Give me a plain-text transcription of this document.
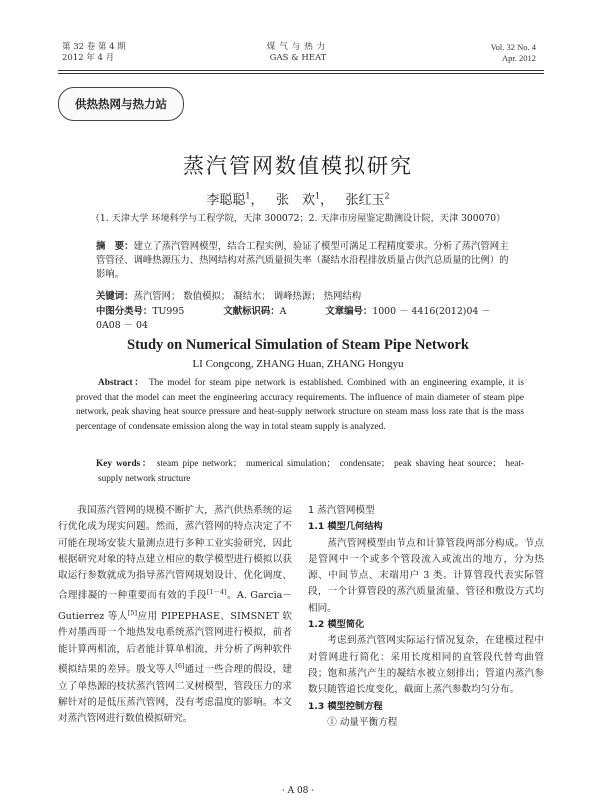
第 32 卷 第 4 期
2012 年 4 月
煤气与热力
GAS & HEAT
Vol. 32 No. 4
Apr. 2012
供热热网与热力站
蒸汽管网数值模拟研究
李聪聪$^1$， 张　欢$^1$， 张红玉$^2$
（1. 天津大学 环境科学与工程学院，天津 300072；2. 天津市房屋鉴定勘测设计院，天津 300070）
摘　要：建立了蒸汽管网模型，结合工程实例，验证了模型可满足工程精度要求。分析了蒸汽管网主管管径、调峰热源压力、热网结构对蒸汽质量损失率（凝结水沿程排放质量占供汽总质量的比例）的影响。
关键词：蒸汽管网； 数值模拟； 凝结水； 调峰热源； 热网结构
中图分类号：TU995	文献标识码：A	文章编号：1000 － 4416(2012)04 － 0A08 － 04
Study on Numerical Simulation of Steam Pipe Network
LI Congcong, ZHANG Huan, ZHANG Hongyu
Abstract： The model for steam pipe network is established. Combined with an engineering example, it is proved that the model can meet the engineering accuracy requirements. The influence of main diameter of steam pipe network, peak shaving heat source pressure and heat-supply network structure on steam mass loss rate that is the mass percentage of condensate emission along the way in total steam supply is analyzed.
Key words： steam pipe network； numerical simulation； condensate； peak shaving heat source； heat-supply network structure
我国蒸汽管网的规模不断扩大，蒸汽供热系统的运行优化成为现实问题。然而，蒸汽管网的特点决定了不可能在现场安装大量测点进行多种工业实验研究，因此根据研究对象的特点建立相应的数学模型进行模拟以获取运行参数就成为指导蒸汽管网规划设计、优化调度、合理排凝的一种重要而有效的手段[1－4]。A. Garcia－Gutierrez 等人[5]应用 PIPEPHASE、SIMSNET 软件对墨西哥一个地热发电系统蒸汽管网进行模拟，前者能计算两相流，后者能计算单相流，并分析了两种软件模拟结果的差异。殷戈等人[6]通过一些合理的假设，建立了单热源的枝状蒸汽管网二叉树模型，管段压力的求解针对的是低压蒸汽管网，没有考虑温度的影响。本文对蒸汽管网进行数值模拟研究。
1 蒸汽管网模型
1.1 模型几何结构
蒸汽管网模型由节点和计算管段两部分构成。节点是管网中一个或多个管段流入或流出的地方，分为热源、中间节点、末端用户 3 类。计算管段代表实际管段，一个计算管段的蒸汽质量流量、管径和敷设方式均相同。
1.2 模型简化
考虑到蒸汽管网实际运行情况复杂，在建模过程中对管网进行简化：采用长度相同的直管段代替弯曲管段；饱和蒸汽产生的凝结水被立刻排出；管道内蒸汽参数只随管道长度变化，截面上蒸汽参数均匀分布。
1.3 模型控制方程
① 动量平衡方程
· A 08 ·
